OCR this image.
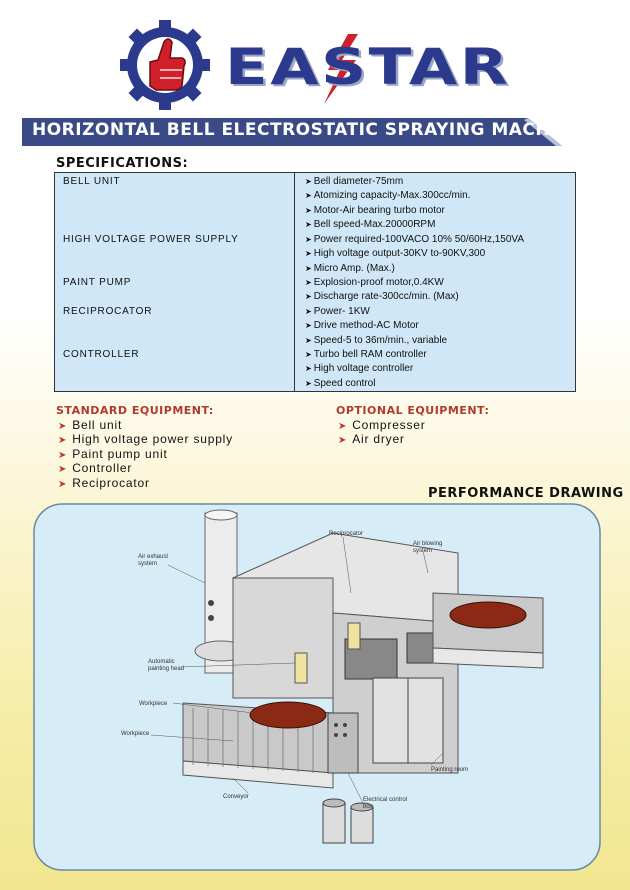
EASTAR
HORIZONTAL BELL ELECTROSTATIC SPRAYING MACHINE
SPECIFICATIONS:
BELL UNIT	➤ Bell diameter-75mm
➤ Atomizing capacity-Max.300cc/min.
➤ Motor-Air bearing turbo motor
➤ Bell speed-Max.20000RPM
HIGH VOLTAGE POWER SUPPLY	➤ Power required-100VACO 10% 50/60Hz,150VA
➤ High voltage output-30KV to-90KV,300
➤ Micro Amp. (Max.)
PAINT PUMP	➤ Explosion-proof motor,0.4KW
➤ Discharge rate-300cc/min. (Max)
RECIPROCATOR	➤ Power- 1KW
➤ Drive method-AC Motor
➤ Speed-5 to 36m/min., variable
CONTROLLER	➤ Turbo bell RAM controller
➤ High voltage controller
➤ Speed control
STANDARD EQUIPMENT:
➤ Bell unit
➤ High voltage power supply
➤ Paint pump unit
➤ Controller
➤ Reciprocator
OPTIONAL EQUIPMENT:
➤ Compresser
➤ Air dryer
PERFORMANCE DRAWING
Reciprocator
Air blowing
system
Air exhaust
system
Automatic
painting head
Workpiece
Workpiece
Painting room
Conveyor	Electrical control
box
